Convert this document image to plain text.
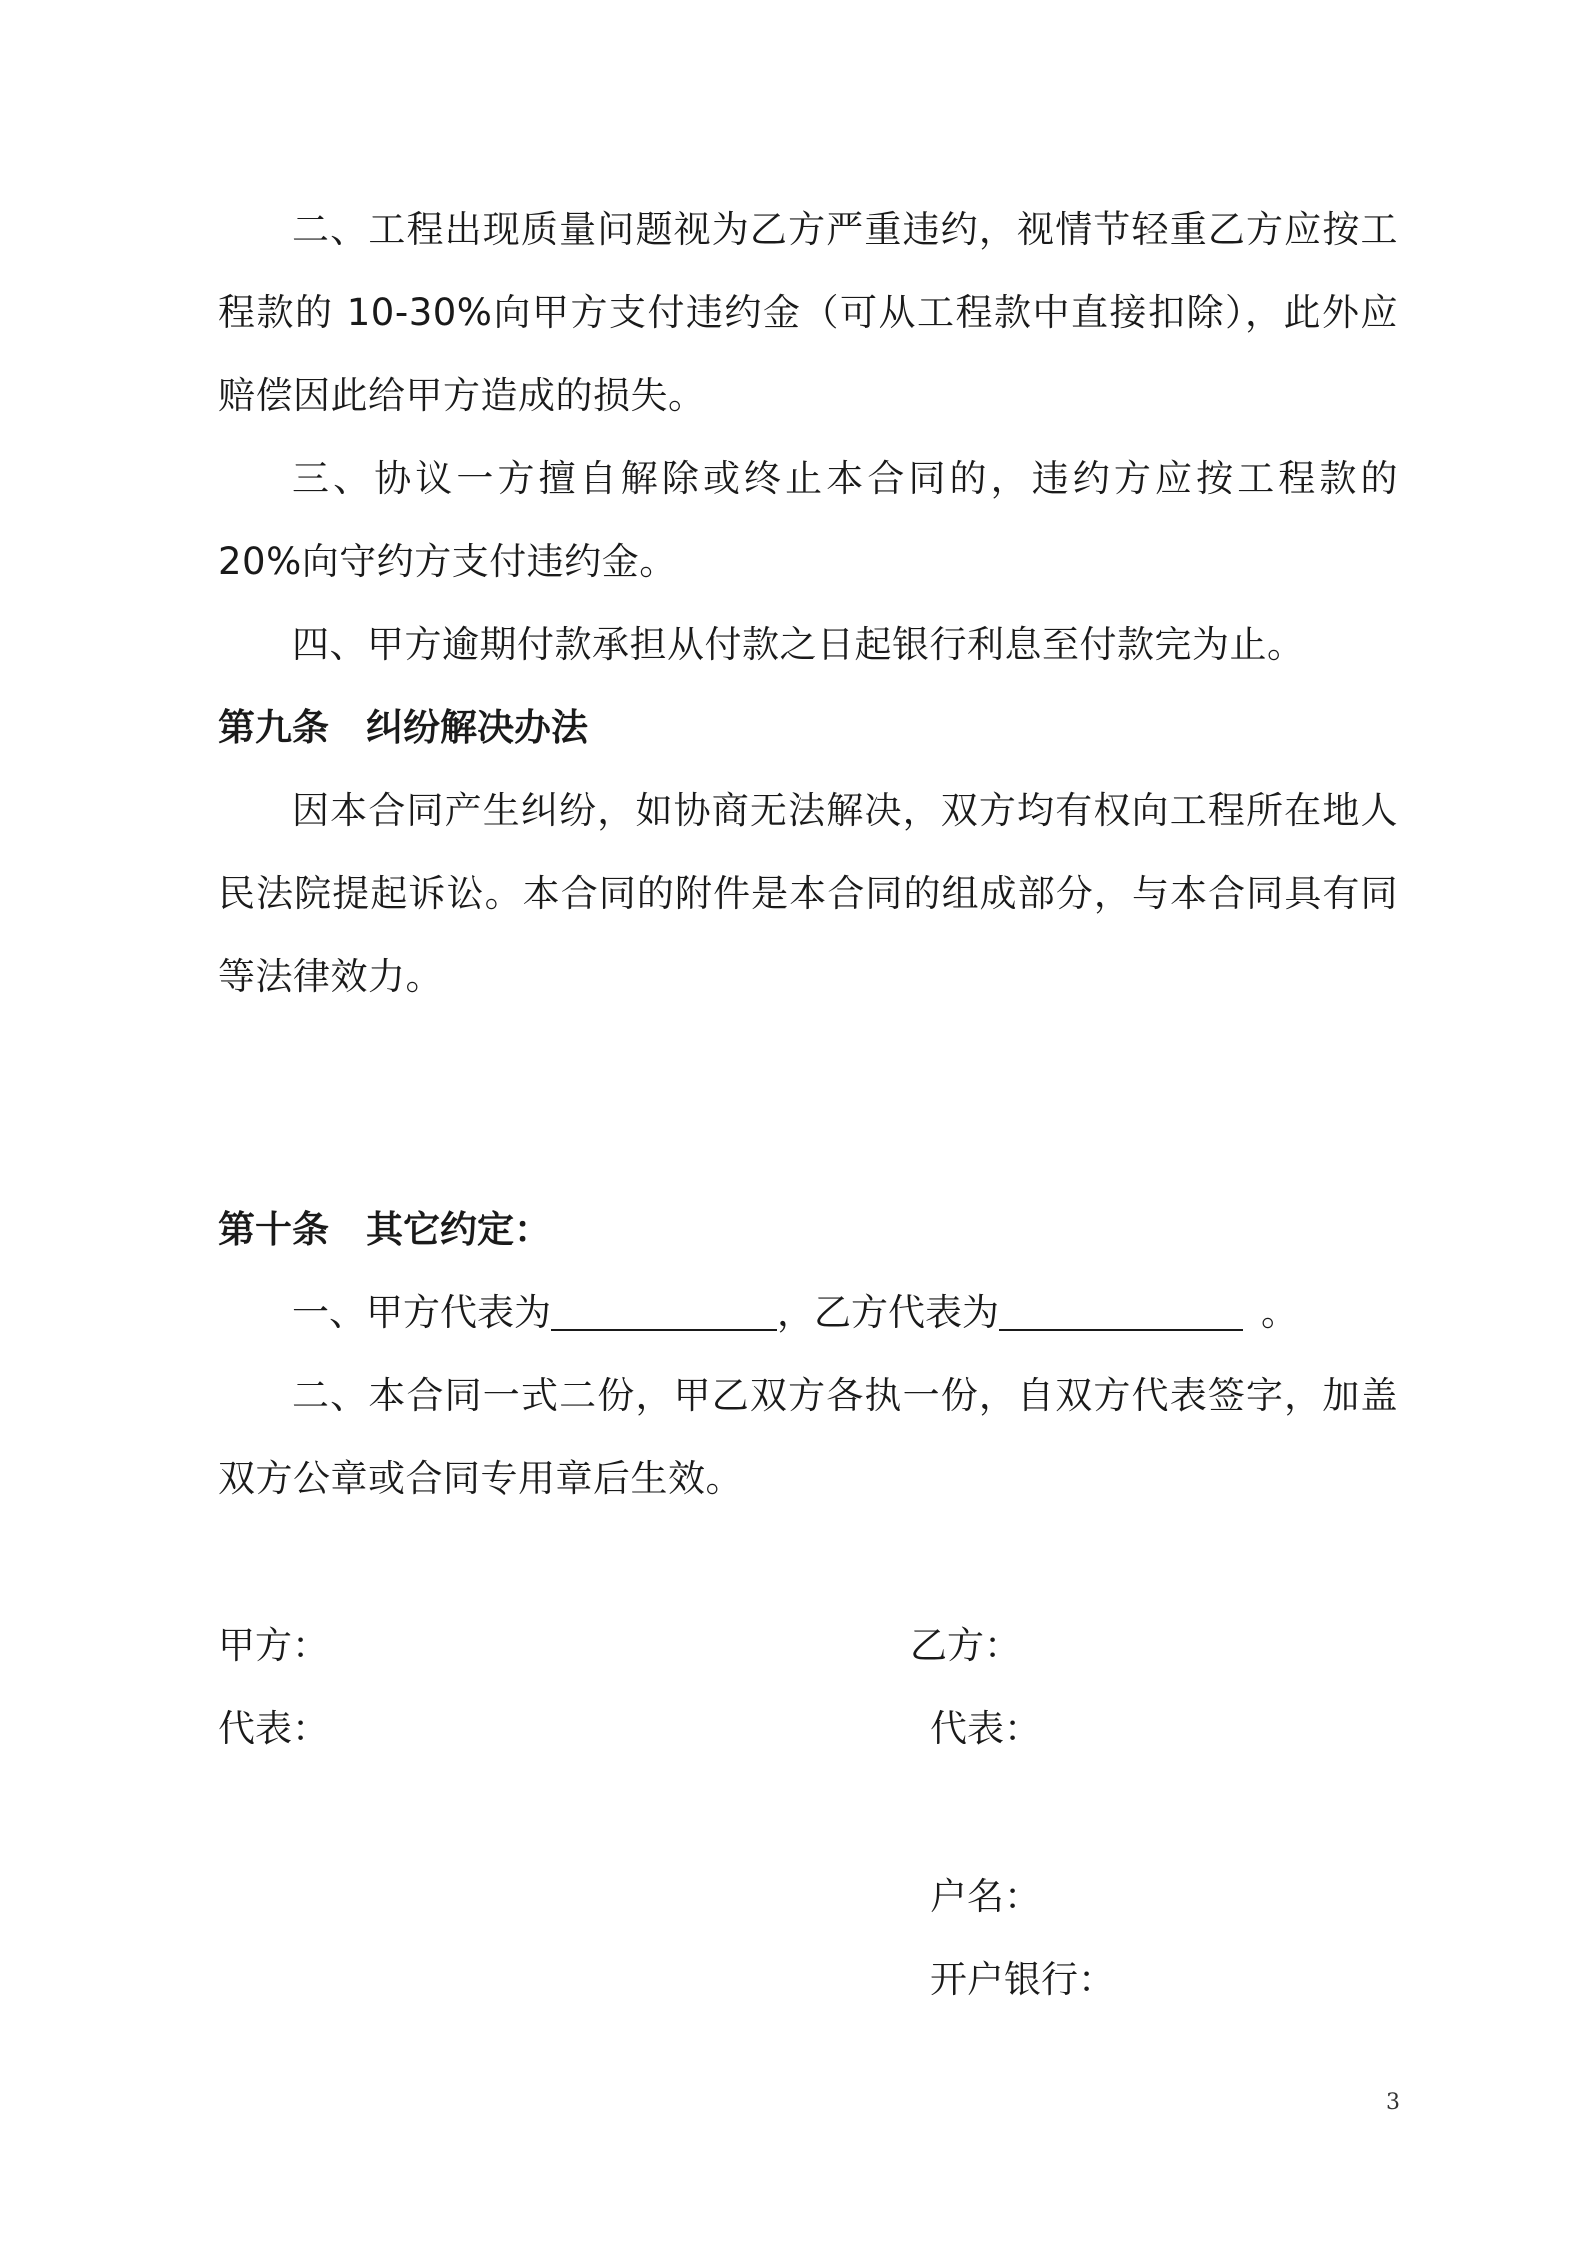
二、工程出现质量问题视为乙方严重违约，视情节轻重乙方应按工程款的 10-30%向甲方支付违约金（可从工程款中直接扣除），此外应赔偿因此给甲方造成的损失。

三、协议一方擅自解除或终止本合同的，违约方应按工程款的 20%向守约方支付违约金。

四、甲方逾期付款承担从付款之日起银行利息至付款完为止。

第九条　纠纷解决办法

因本合同产生纠纷，如协商无法解决，双方均有权向工程所在地人民法院提起诉讼。本合同的附件是本合同的组成部分，与本合同具有同等法律效力。

第十条　其它约定：

一、甲方代表为	，乙方代表为	。

二、本合同一式二份，甲乙双方各执一份，自双方代表签字，加盖双方公章或合同专用章后生效。

甲方：

代表：

乙方：

代表：

户名：

开户银行：

3
